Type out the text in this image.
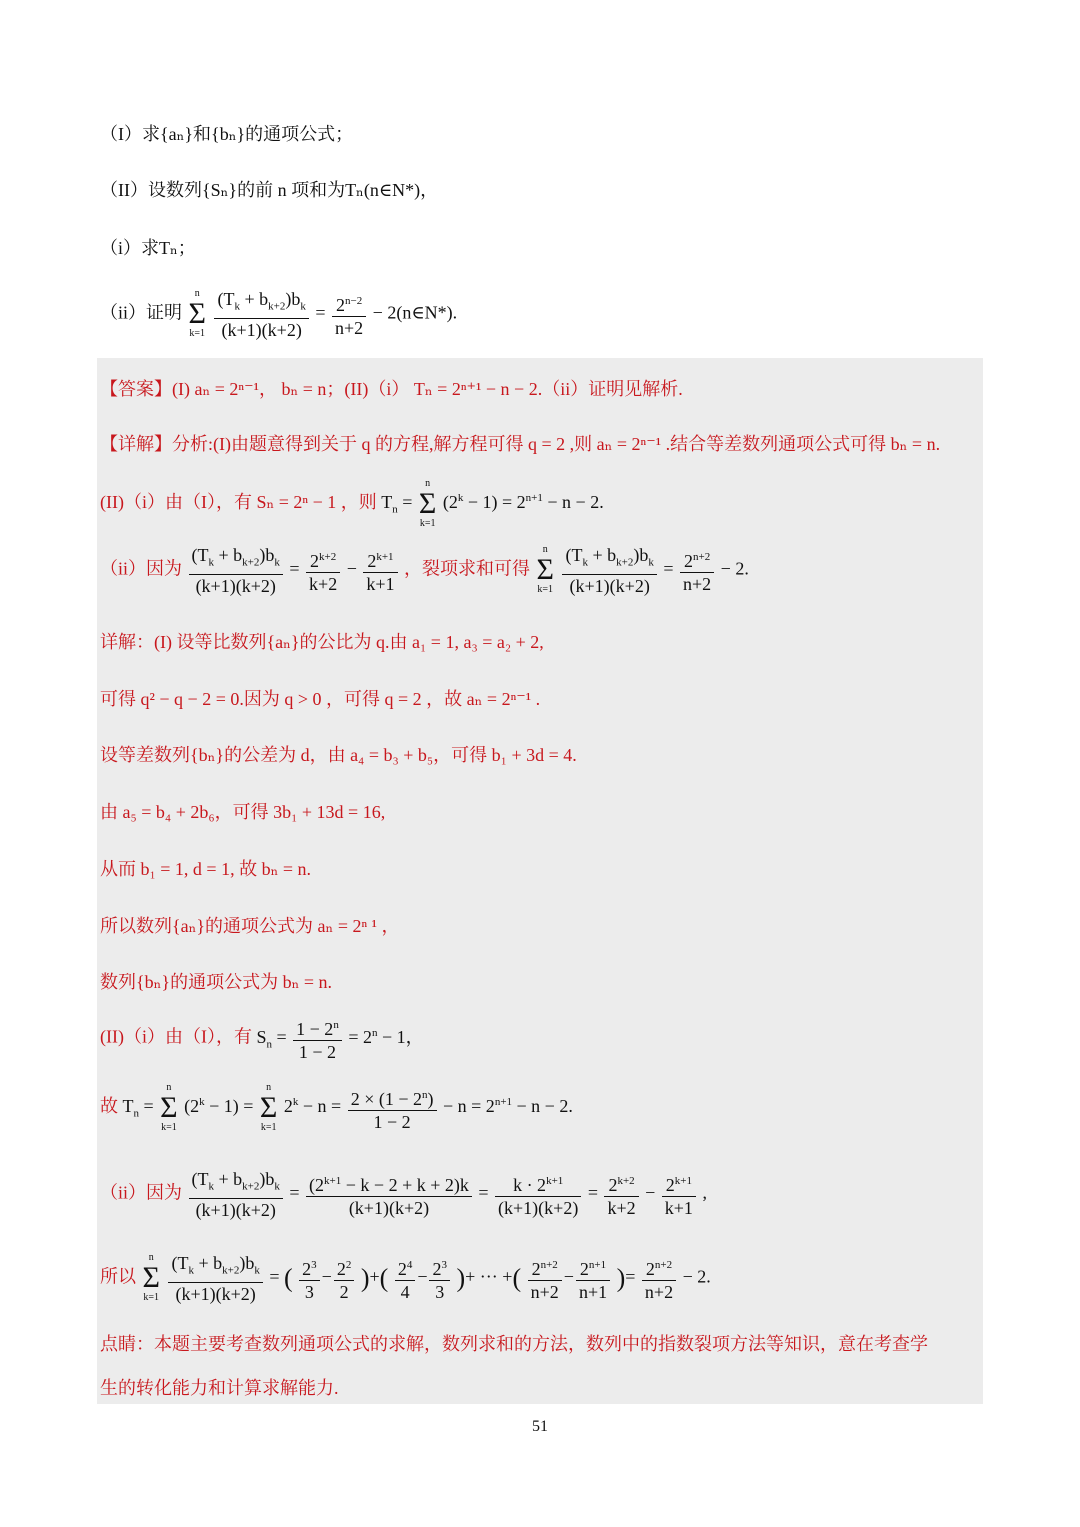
（I）求{aₙ}和{bₙ}的通项公式；
（II）设数列{Sₙ}的前 n 项和为Tₙ(n∈N*)，
（i）求Tₙ；
（ii）证明
n
Σ
k=1
$\frac{(T_k + b_{k+2})b_k}{(k+1)(k+2)} = \frac{2^{n-2}}{n+2}$ − 2(n∈N*).
【答案】(I) aₙ = 2ⁿ⁻¹， bₙ = n；(II)（i） Tₙ = 2ⁿ⁺¹ − n − 2.（ii）证明见解析.
【详解】分析:(I)由题意得到关于 q 的方程,解方程可得 q = 2 ,则 aₙ = 2ⁿ⁻¹ .结合等差数列通项公式可得 bₙ = n.
(II)（i）由（I），有 Sₙ = 2ⁿ − 1 ，则 $T_n$ =
n
Σ
k=1
$(2^k - 1) = 2^{n+1} - n - 2$.
（ii）因为 $\frac{(T_k + b_{k+2})b_k}{(k+1)(k+2)} = \frac{2^{k+2}}{k+2} - \frac{2^{k+1}}{k+1}$ ，裂项求和可得
n
Σ
k=1
$\frac{(T_k + b_{k+2})b_k}{(k+1)(k+2)} = \frac{2^{n+2}}{n+2} - 2$.
详解：(I) 设等比数列{aₙ}的公比为 q.由 a₁ = 1, a₃ = a₂ + 2,
可得 q² − q − 2 = 0.因为 q > 0 ，可得 q = 2 ，故 aₙ = 2ⁿ⁻¹ .
设等差数列{bₙ}的公差为 d，由 a₄ = b₃ + b₅，可得 b₁ + 3d = 4.
由 a₅ = b₄ + 2b₆，可得 3b₁ + 13d = 16,
从而 b₁ = 1, d = 1, 故 bₙ = n.
所以数列{aₙ}的通项公式为 aₙ = 2ⁿ ¹ ，
数列{bₙ}的通项公式为 bₙ = n.
(II)（i）由（I），有 $S_n = \frac{1 - 2^n}{1 - 2} = 2^n - 1$，
故 $T_n$ =
n
Σ
k=1
$(2^k - 1)$ =
n
Σ
k=1
$2^k - n = \frac{2 \times (1 - 2^n)}{1 - 2} - n = 2^{n+1} - n - 2$.
（ii）因为 $\frac{(T_k + b_{k+2})b_k}{(k+1)(k+2)} = \frac{(2^{k+1} - k - 2 + k + 2)k}{(k+1)(k+2)} = \frac{k \cdot 2^{k+1}}{(k+1)(k+2)} = \frac{2^{k+2}}{k+2} - \frac{2^{k+1}}{k+1}$ ,
所以
n
Σ
k=1
$\frac{(T_k + b_{k+2})b_k}{(k+1)(k+2)}$ = ( $\frac{2^3}{3} - \frac{2^2}{2}$ )+( $\frac{2^4}{4} - \frac{2^3}{3}$ )+ ··· +( $\frac{2^{n+2}}{n+2} - \frac{2^{n+1}}{n+1}$ )= $\frac{2^{n+2}}{n+2} - 2$.
点睛：本题主要考查数列通项公式的求解，数列求和的方法，数列中的指数裂项方法等知识，意在考查学
生的转化能力和计算求解能力.
51
